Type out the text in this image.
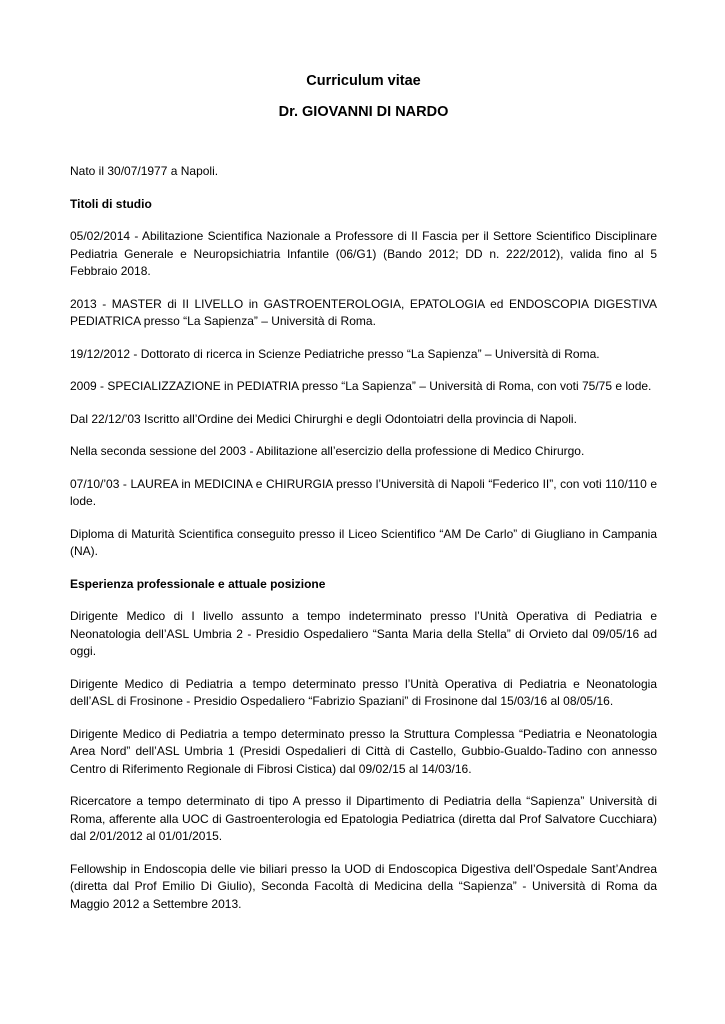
Curriculum vitae
Dr. GIOVANNI DI NARDO

Nato il 30/07/1977 a Napoli.

Titoli di studio

05/02/2014 - Abilitazione Scientifica Nazionale a Professore di II Fascia per il Settore Scientifico Disciplinare Pediatria Generale e Neuropsichiatria Infantile (06/G1) (Bando 2012; DD n. 222/2012), valida fino al 5 Febbraio 2018.

2013 - MASTER di II LIVELLO in GASTROENTEROLOGIA, EPATOLOGIA ed ENDOSCOPIA DIGESTIVA PEDIATRICA presso “La Sapienza” – Università di Roma.

19/12/2012 - Dottorato di ricerca in Scienze Pediatriche presso “La Sapienza” – Università di Roma.

2009 - SPECIALIZZAZIONE in PEDIATRIA presso “La Sapienza” – Università di Roma, con voti 75/75 e lode.

Dal 22/12/’03 Iscritto all’Ordine dei Medici Chirurghi e degli Odontoiatri della provincia di Napoli.

Nella seconda sessione del 2003 - Abilitazione all’esercizio della professione di Medico Chirurgo.

07/10/’03 - LAUREA in MEDICINA e CHIRURGIA presso l’Università di Napoli “Federico II”, con voti 110/110 e lode.

Diploma di Maturità Scientifica conseguito presso il Liceo Scientifico “AM De Carlo” di Giugliano in Campania (NA).

Esperienza professionale e attuale posizione

Dirigente Medico di I livello assunto a tempo indeterminato presso l’Unità Operativa di Pediatria e Neonatologia dell’ASL Umbria 2 - Presidio Ospedaliero “Santa Maria della Stella” di Orvieto dal 09/05/16 ad oggi.

Dirigente Medico di Pediatria a tempo determinato presso l’Unità Operativa di Pediatria e Neonatologia dell’ASL di Frosinone - Presidio Ospedaliero “Fabrizio Spaziani” di Frosinone dal 15/03/16 al 08/05/16.

Dirigente Medico di Pediatria a tempo determinato presso la Struttura Complessa “Pediatria e Neonatologia Area Nord” dell’ASL Umbria 1 (Presidi Ospedalieri di Città di Castello, Gubbio-Gualdo-Tadino con annesso Centro di Riferimento Regionale di Fibrosi Cistica) dal 09/02/15 al 14/03/16.

Ricercatore a tempo determinato di tipo A presso il Dipartimento di Pediatria della “Sapienza” Università di Roma, afferente alla UOC di Gastroenterologia ed Epatologia Pediatrica (diretta dal Prof Salvatore Cucchiara) dal 2/01/2012 al 01/01/2015.

Fellowship in Endoscopia delle vie biliari presso la UOD di Endoscopica Digestiva dell’Ospedale Sant’Andrea (diretta dal Prof Emilio Di Giulio), Seconda Facoltà di Medicina della “Sapienza” - Università di Roma da Maggio 2012 a Settembre 2013.
